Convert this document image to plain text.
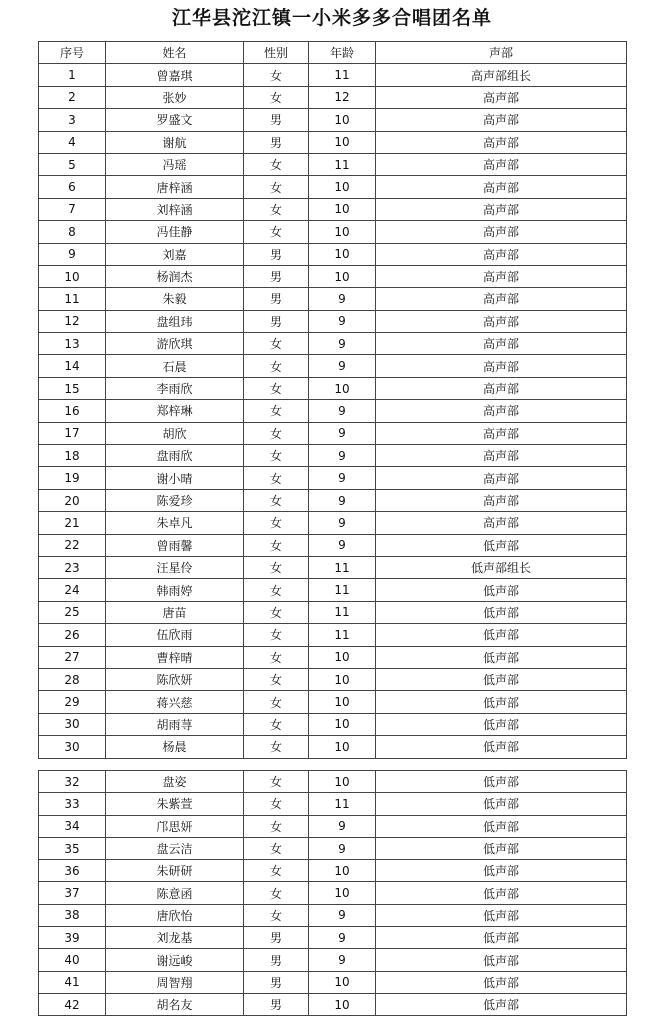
江华县沱江镇一小米多多合唱团名单
序号	姓名	性别	年龄	声部
1	曾嘉琪	女	11	高声部组长
2	张妙	女	12	高声部
3	罗盛文	男	10	高声部
4	谢航	男	10	高声部
5	冯瑶	女	11	高声部
6	唐梓涵	女	10	高声部
7	刘梓涵	女	10	高声部
8	冯佳静	女	10	高声部
9	刘嘉	男	10	高声部
10	杨润杰	男	10	高声部
11	朱毅	男	9	高声部
12	盘组玮	男	9	高声部
13	游欣琪	女	9	高声部
14	石晨	女	9	高声部
15	李雨欣	女	10	高声部
16	郑梓琳	女	9	高声部
17	胡欣	女	9	高声部
18	盘雨欣	女	9	高声部
19	谢小晴	女	9	高声部
20	陈爱珍	女	9	高声部
21	朱卓凡	女	9	高声部
22	曾雨馨	女	9	低声部
23	汪星伶	女	11	低声部组长
24	韩雨婷	女	11	低声部
25	唐苗	女	11	低声部
26	伍欣雨	女	11	低声部
27	曹梓晴	女	10	低声部
28	陈欣妍	女	10	低声部
29	蒋兴慈	女	10	低声部
30	胡雨荨	女	10	低声部
30	杨晨	女	10	低声部
32	盘姿	女	10	低声部
33	朱紫萱	女	11	低声部
34	邝思妍	女	9	低声部
35	盘云洁	女	9	低声部
36	朱研研	女	10	低声部
37	陈意函	女	10	低声部
38	唐欣怡	女	9	低声部
39	刘龙基	男	9	低声部
40	谢远峻	男	9	低声部
41	周智翔	男	10	低声部
42	胡名友	男	10	低声部
